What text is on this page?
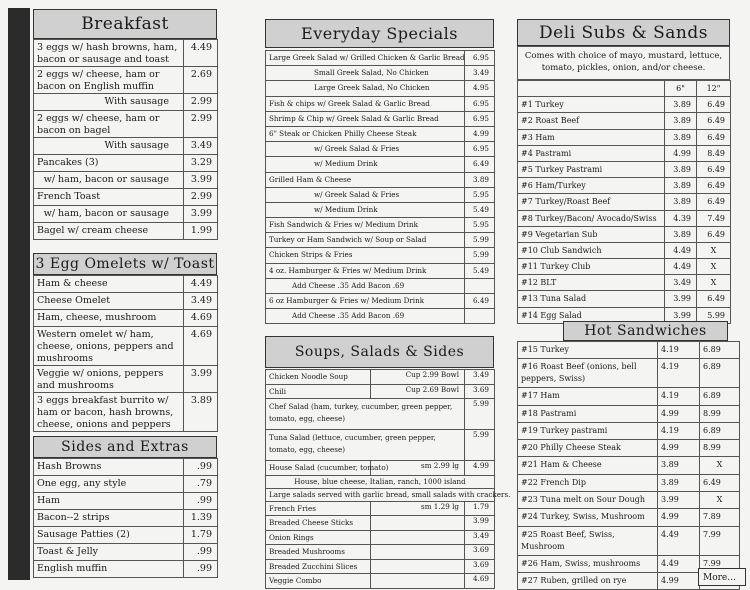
Breakfast
3 eggs w/ hash browns, ham, bacon or sausage and toast	4.49
2 eggs w/ cheese, ham or bacon on English muffin	2.69
With sausage	2.99
2 eggs w/ cheese, ham or bacon on bagel	2.99
With sausage	3.49
Pancakes (3)	3.29
w/ ham, bacon or sausage	3.99
French Toast	2.99
w/ ham, bacon or sausage	3.99
Bagel w/ cream cheese	1.99
3 Egg Omelets w/ Toast
Ham & cheese	4.49
Cheese Omelet	3.49
Ham, cheese, mushroom	4.69
Western omelet w/ ham, cheese, onions, peppers and mushrooms	4.69
Veggie w/ onions, peppers and mushrooms	3.99
3 eggs breakfast burrito w/ ham or bacon, hash browns, cheese, onions and peppers	3.89
Sides and Extras
Hash Browns	.99
One egg, any style	.79
Ham	.99
Bacon--2 strips	1.39
Sausage Patties (2)	1.79
Toast & Jelly	.99
English muffin	.99
Everyday Specials
Large Greek Salad w/ Grilled Chicken & Garlic Bread	6.95
Small Greek Salad, No Chicken	3.49
Large Greek Salad, No Chicken	4.95
Fish & chips w/ Greek Salad & Garlic Bread	6.95
Shrimp & Chip w/ Greek Salad & Garlic Bread	6.95
6" Steak or Chicken Philly Cheese Steak	4.99
w/ Greek Salad & Fries	6.95
w/ Medium Drink	6.49
Grilled Ham & Cheese	3.89
w/ Greek Salad & Fries	5.95
w/ Medium Drink	5.49
Fish Sandwich & Fries w/ Medium Drink	5.95
Turkey or Ham Sandwich w/ Soup or Salad	5.99
Chicken Strips & Fries	5.99
4 oz. Hamburger & Fries w/ Medium Drink	5.49
Add Cheese .35 Add Bacon .69	
6 oz Hamburger & Fries w/ Medium Drink	6.49
Add Cheese .35 Add Bacon .69	
Soups, Salads & Sides
Chicken Noodle Soup	Cup 2.99 Bowl	3.49
Chili	Cup 2.69 Bowl	3.69
Chef Salad (ham, turkey, cucumber, green pepper, tomato, egg, cheese)		5.99
Tuna Salad (lettuce, cucumber, green pepper, tomato, egg, cheese)		5.99
House Salad (cucumber, tomato)	sm 2.99 lg	4.99
House, blue cheese, Italian, ranch, 1000 island		
Large salads served with garlic bread, small salads with crackers.		
French Fries	sm 1.29 lg	1.79
Breaded Cheese Sticks		3.99
Onion Rings		3.49
Breaded Mushrooms		3.69
Breaded Zucchini Slices		3.69
Veggie Combo		4.69
Deli Subs & Sands
Comes with choice of mayo, mustard, lettuce, tomato, pickles, onion, and/or cheese.
	6"	12"
#1 Turkey	3.89	6.49
#2 Roast Beef	3.89	6.49
#3 Ham	3.89	6.49
#4 Pastrami	4.99	8.49
#5 Turkey Pastrami	3.89	6.49
#6 Ham/Turkey	3.89	6.49
#7 Turkey/Roast Beef	3.89	6.49
#8 Turkey/Bacon/ Avocado/Swiss	4.39	7.49
#9 Vegetarian Sub	3.89	6.49
#10 Club Sandwich	4.49	X
#11 Turkey Club	4.49	X
#12 BLT	3.49	X
#13 Tuna Salad	3.99	6.49
#14 Egg Salad	3.99	5.99
Hot Sandwiches
#15 Turkey	4.19	6.89
#16 Roast Beef (onions, bell peppers, Swiss)	4.19	6.89
#17 Ham	4.19	6.89
#18 Pastrami	4.99	8.99
#19 Turkey pastrami	4.19	6.89
#20 Philly Cheese Steak	4.99	8.99
#21 Ham & Cheese	3.89	X
#22 French Dip	3.89	6.49
#23 Tuna melt on Sour Dough	3.99	X
#24 Turkey, Swiss, Mushroom	4.99	7.89
#25 Roast Beef, Swiss, Mushroom	4.49	7.99
#26 Ham, Swiss, mushrooms	4.49	7.99
#27 Ruben, grilled on rye	4.99		More...
